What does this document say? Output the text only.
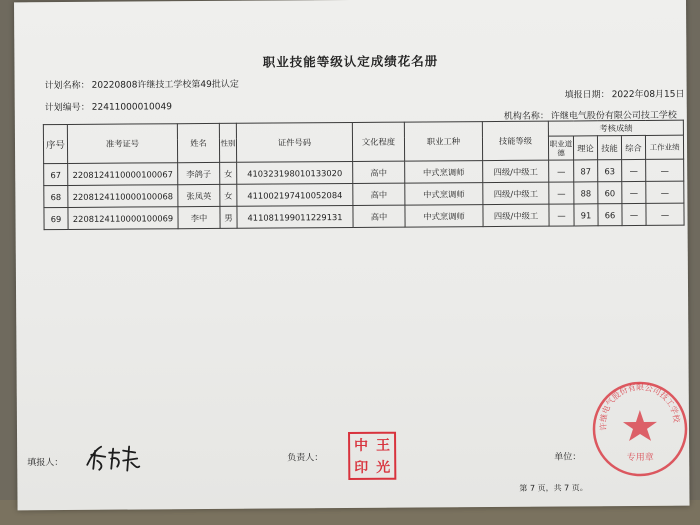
职业技能等级认定成绩花名册
计划名称： 20220808许继技工学校第49批认定
填报日期： 2022年08月15日
计划编号： 22411000010049
机构名称： 许继电气股份有限公司技工学校
序号	准考证号	姓名	性别	证件号码	文化程度	职业工种	技能等级	考核成绩				
								职业道德	理论	技能	综合	工作业绩
67	2208124110000100067	李鸽子	女	410323198010133020	高中	中式烹调师	四级/中级工	—	87	63	—	—
68	2208124110000100068	张凤英	女	411002197410052084	高中	中式烹调师	四级/中级工	—	88	60	—	—
69	2208124110000100069	李中	男	411081199011229131	高中	中式烹调师	四级/中级工	—	91	66	—	—
填报人：	负责人：
中 王
印 光
单位：
许继电气股份有限公司技工学校
专用章
第 7 页，共 7 页。
